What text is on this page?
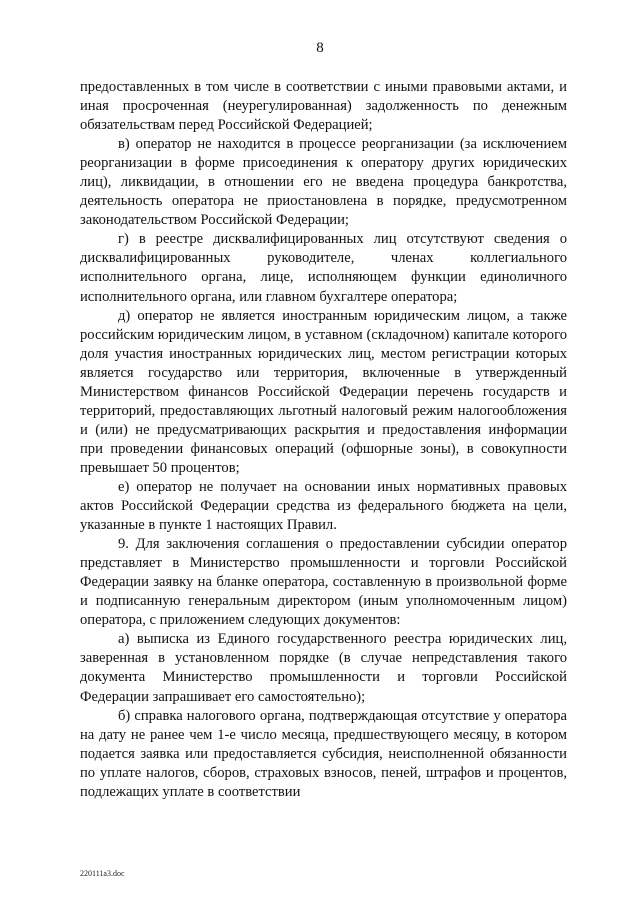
8

предоставленных в том числе в соответствии с иными правовыми актами, и иная просроченная (неурегулированная) задолженность по денежным обязательствам перед Российской Федерацией;

в) оператор не находится в процессе реорганизации (за исключением реорганизации в форме присоединения к оператору других юридических лиц), ликвидации, в отношении его не введена процедура банкротства, деятельность оператора не приостановлена в порядке, предусмотренном законодательством Российской Федерации;

г) в реестре дисквалифицированных лиц отсутствуют сведения о дисквалифицированных руководителе, членах коллегиального исполнительного органа, лице, исполняющем функции единоличного исполнительного органа, или главном бухгалтере оператора;

д) оператор не является иностранным юридическим лицом, а также российским юридическим лицом, в уставном (складочном) капитале которого доля участия иностранных юридических лиц, местом регистрации которых является государство или территория, включенные в утвержденный Министерством финансов Российской Федерации перечень государств и территорий, предоставляющих льготный налоговый режим налогообложения и (или) не предусматривающих раскрытия и предоставления информации при проведении финансовых операций (офшорные зоны), в совокупности превышает 50 процентов;

е) оператор не получает на основании иных нормативных правовых актов Российской Федерации средства из федерального бюджета на цели, указанные в пункте 1 настоящих Правил.

9. Для заключения соглашения о предоставлении субсидии оператор представляет в Министерство промышленности и торговли Российской Федерации заявку на бланке оператора, составленную в произвольной форме и подписанную генеральным директором (иным уполномоченным лицом) оператора, с приложением следующих документов:

а) выписка из Единого государственного реестра юридических лиц, заверенная в установленном порядке (в случае непредставления такого документа Министерство промышленности и торговли Российской Федерации запрашивает его самостоятельно);

б) справка налогового органа, подтверждающая отсутствие у оператора на дату не ранее чем 1-е число месяца, предшествующего месяцу, в котором подается заявка или предоставляется субсидия, неисполненной обязанности по уплате налогов, сборов, страховых взносов, пеней, штрафов и процентов, подлежащих уплате в соответствии

220111a3.doc
